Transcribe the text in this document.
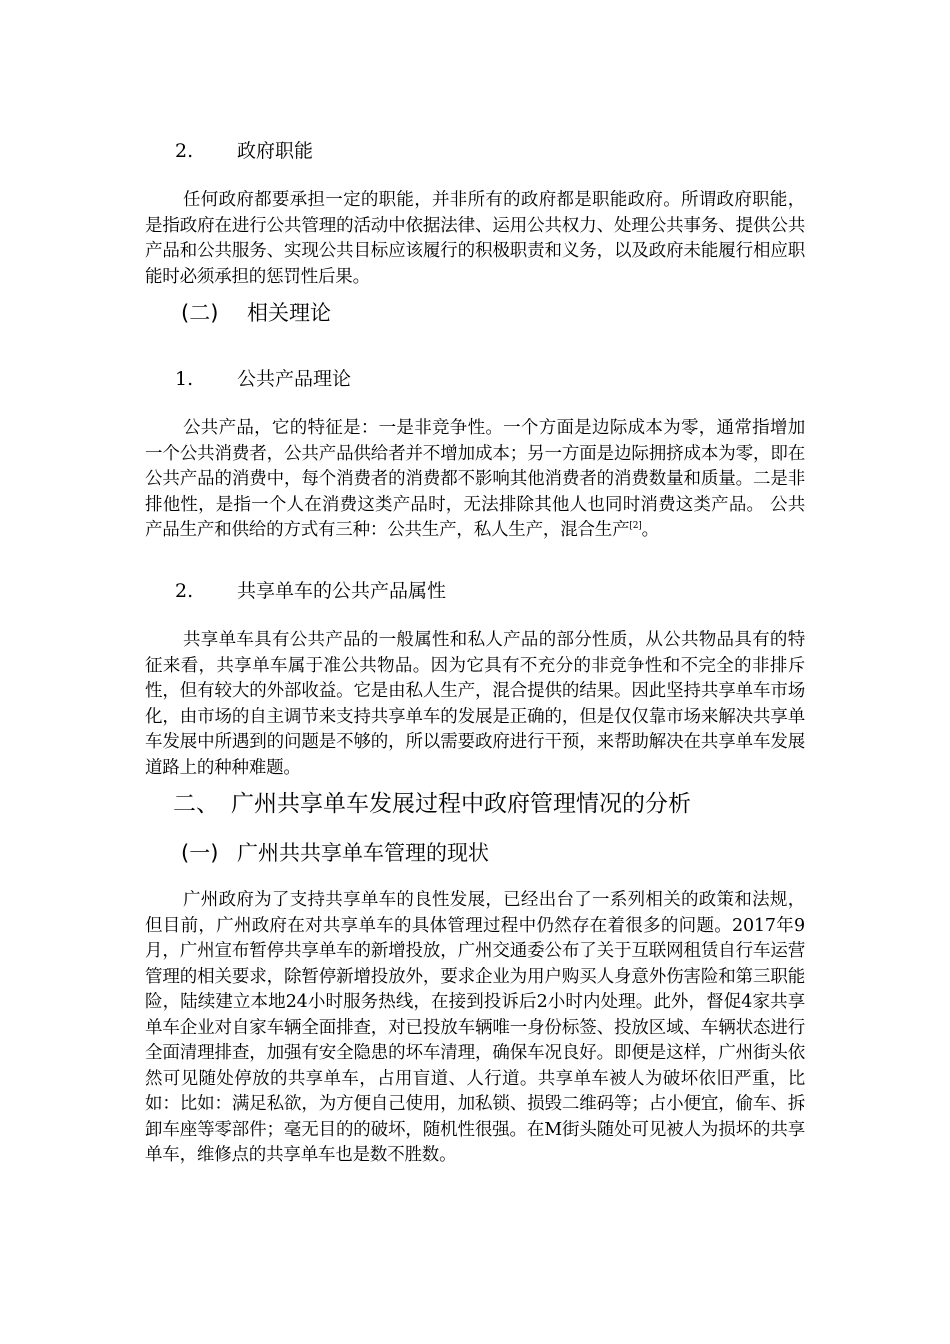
2. 政府职能

任何政府都要承担一定的职能，并非所有的政府都是职能政府。所谓政府职能，是指政府在进行公共管理的活动中依据法律、运用公共权力、处理公共事务、提供公共产品和公共服务、实现公共目标应该履行的积极职责和义务，以及政府未能履行相应职能时必须承担的惩罚性后果。

(二) 相关理论
1. 公共产品理论

公共产品，它的特征是：一是非竞争性。一个方面是边际成本为零，通常指增加一个公共消费者，公共产品供给者并不增加成本；另一方面是边际拥挤成本为零，即在公共产品的消费中，每个消费者的消费都不影响其他消费者的消费数量和质量。二是非排他性，是指一个人在消费这类产品时，无法排除其他人也同时消费这类产品。 公共产品生产和供给的方式有三种：公共生产，私人生产，混合生产[2]。

2. 共享单车的公共产品属性

共享单车具有公共产品的一般属性和私人产品的部分性质，从公共物品具有的特征来看，共享单车属于准公共物品。因为它具有不充分的非竞争性和不完全的非排斥性，但有较大的外部收益。它是由私人生产，混合提供的结果。因此坚持共享单车市场化，由市场的自主调节来支持共享单车的发展是正确的，但是仅仅靠市场来解决共享单车发展中所遇到的问题是不够的，所以需要政府进行干预，来帮助解决在共享单车发展道路上的种种难题。

二、 广州共享单车发展过程中政府管理情况的分析
(一) 广州共共享单车管理的现状

广州政府为了支持共享单车的良性发展，已经出台了一系列相关的政策和法规，但目前，广州政府在对共享单车的具体管理过程中仍然存在着很多的问题。2017年9月，广州宣布暂停共享单车的新增投放，广州交通委公布了关于互联网租赁自行车运营管理的相关要求，除暂停新增投放外，要求企业为用户购买人身意外伤害险和第三职能险，陆续建立本地24小时服务热线，在接到投诉后2小时内处理。此外，督促4家共享单车企业对自家车辆全面排查，对已投放车辆唯一身份标签、投放区域、车辆状态进行全面清理排查，加强有安全隐患的坏车清理，确保车况良好。即便是这样，广州街头依然可见随处停放的共享单车，占用盲道、人行道。共享单车被人为破坏依旧严重，比如：比如：满足私欲，为方便自己使用，加私锁、损毁二维码等；占小便宜，偷车、拆卸车座等零部件；毫无目的的破坏，随机性很强。在M街头随处可见被人为损坏的共享单车，维修点的共享单车也是数不胜数。
